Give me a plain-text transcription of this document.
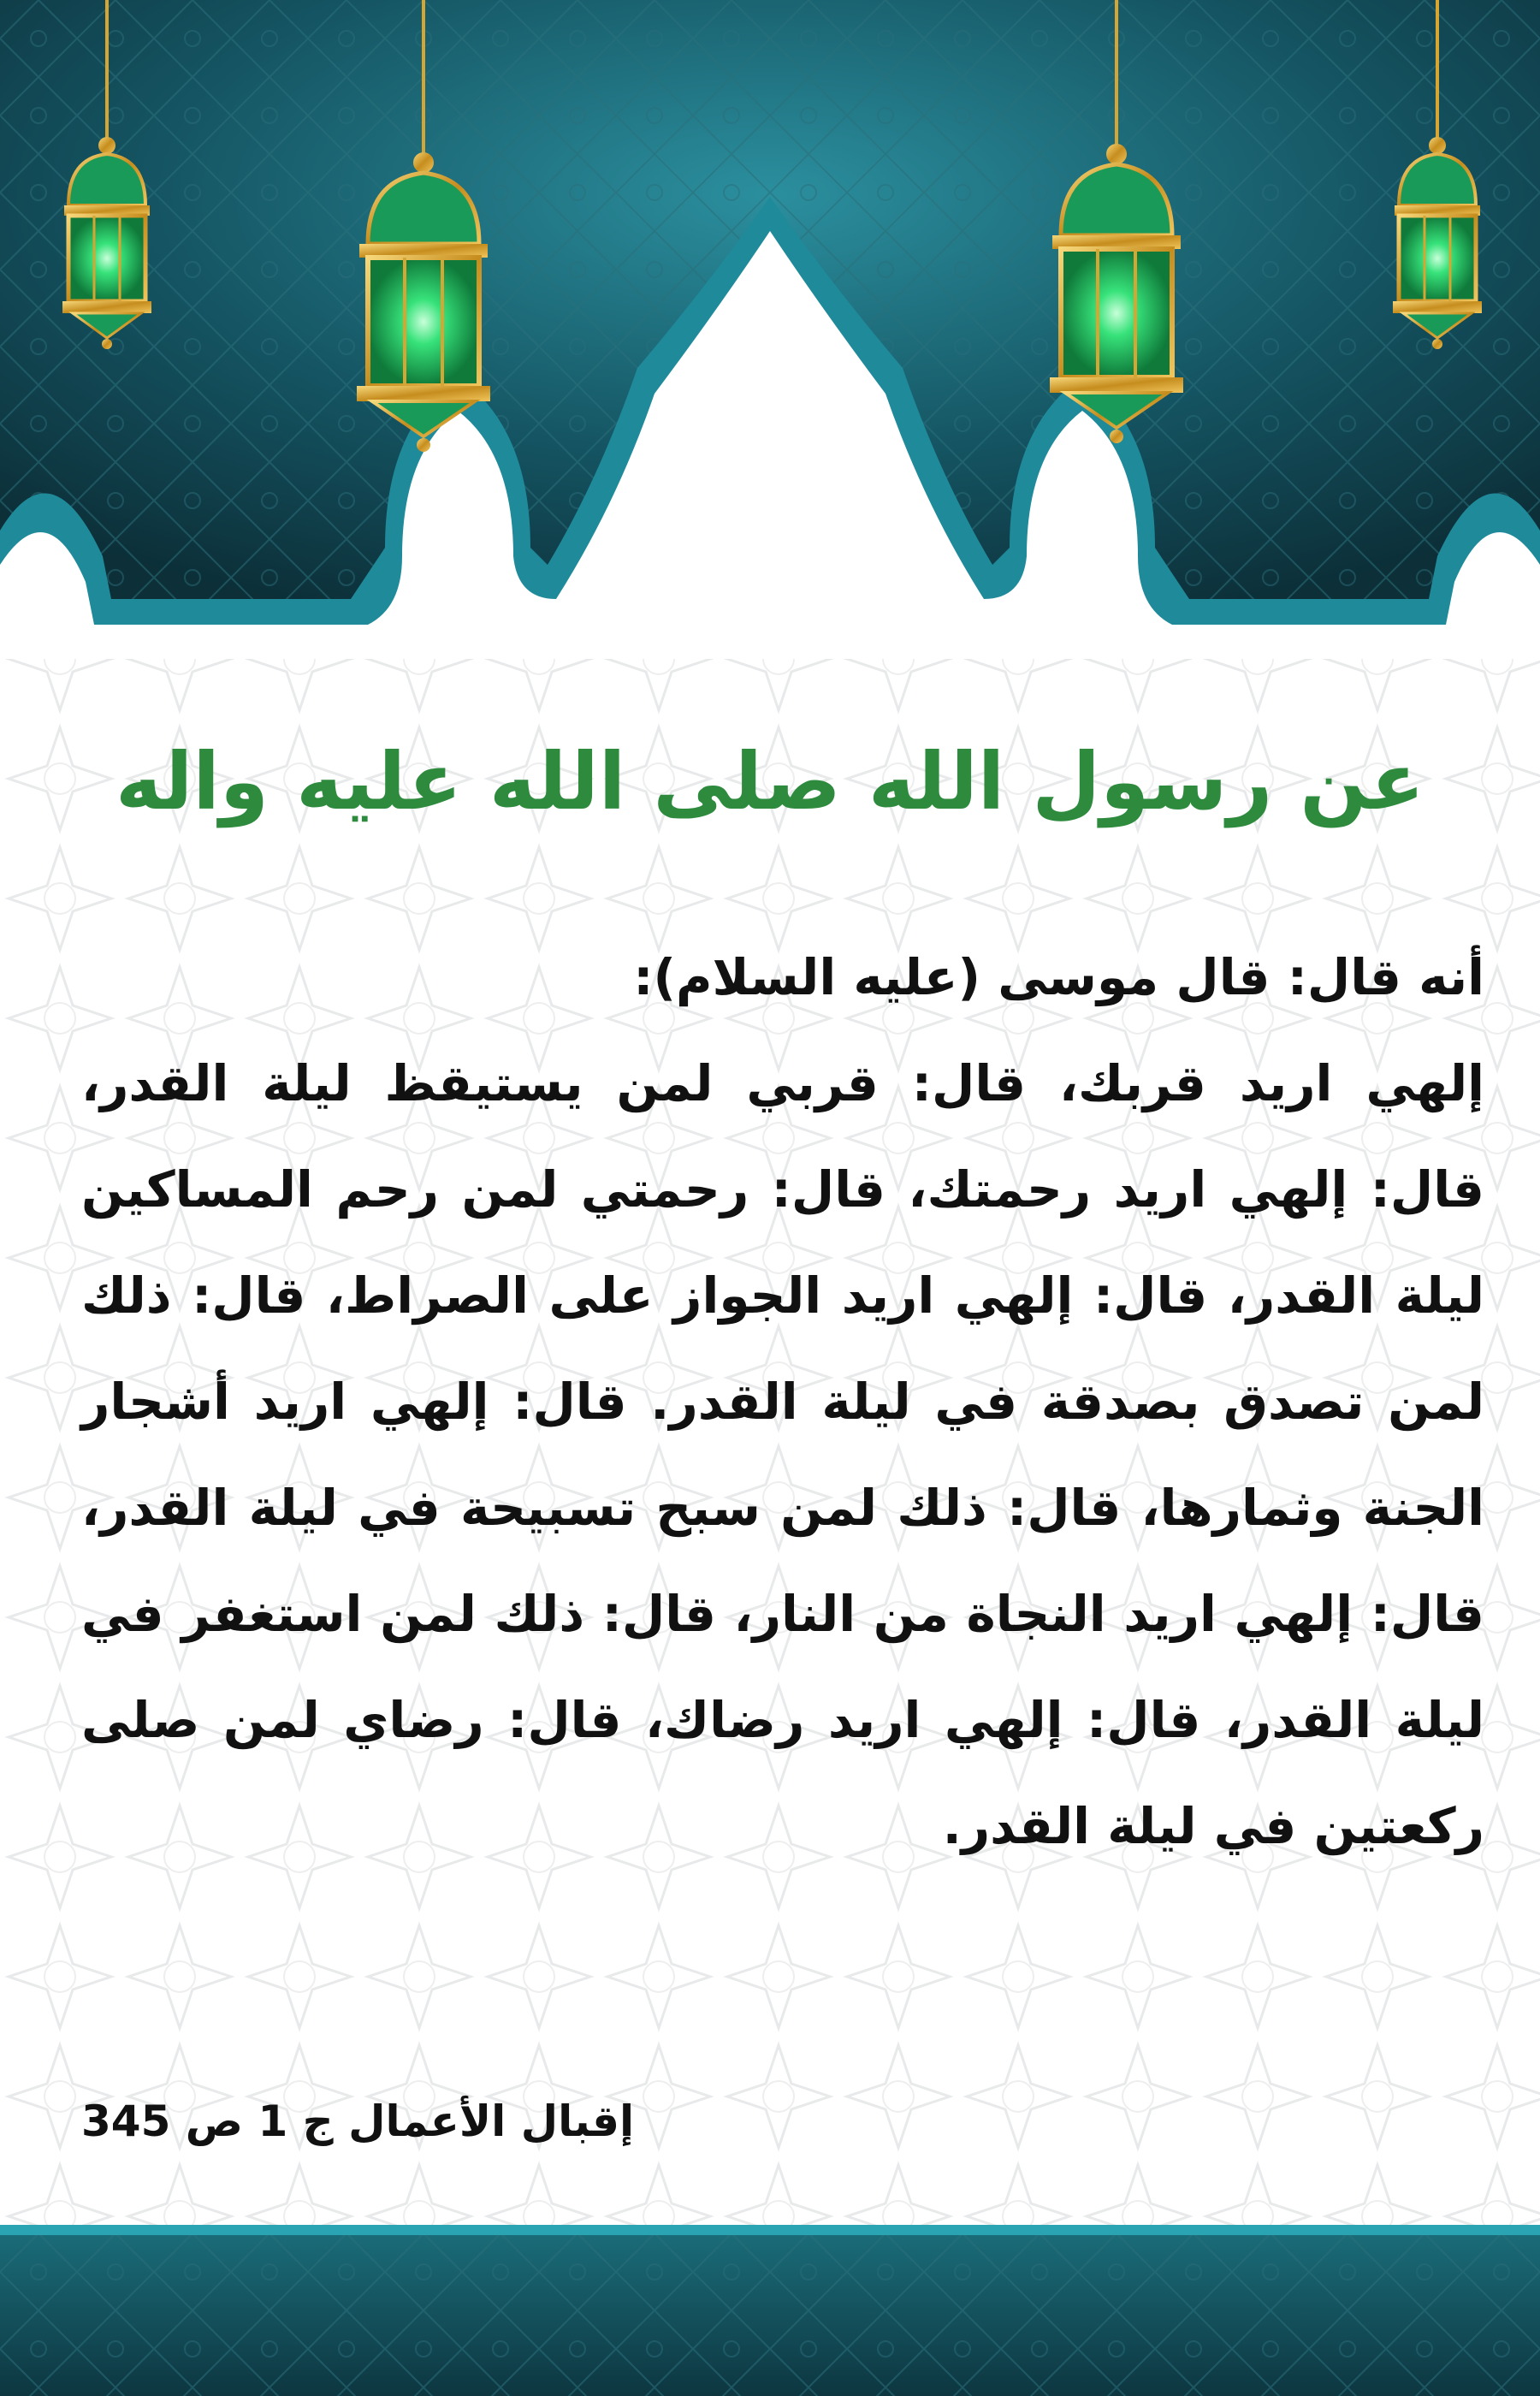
عن رسول الله صلى الله عليه واله
أنه قال: قال موسى (عليه السلام):
إلهي اريد قربك، قال: قربي لمن يستيقظ ليلة القدر، قال: إلهي اريد رحمتك، قال: رحمتي لمن رحم المساكين ليلة القدر، قال: إلهي اريد الجواز على الصراط، قال: ذلك لمن تصدق بصدقة في ليلة القدر. قال: إلهي اريد أشجار الجنة وثمارها، قال: ذلك لمن سبح تسبيحة في ليلة القدر، قال: إلهي اريد النجاة من النار، قال: ذلك لمن استغفر في ليلة القدر، قال: إلهي اريد رضاك، قال: رضاي لمن صلى ركعتين في ليلة القدر.
إقبال الأعمال ج 1 ص 345
